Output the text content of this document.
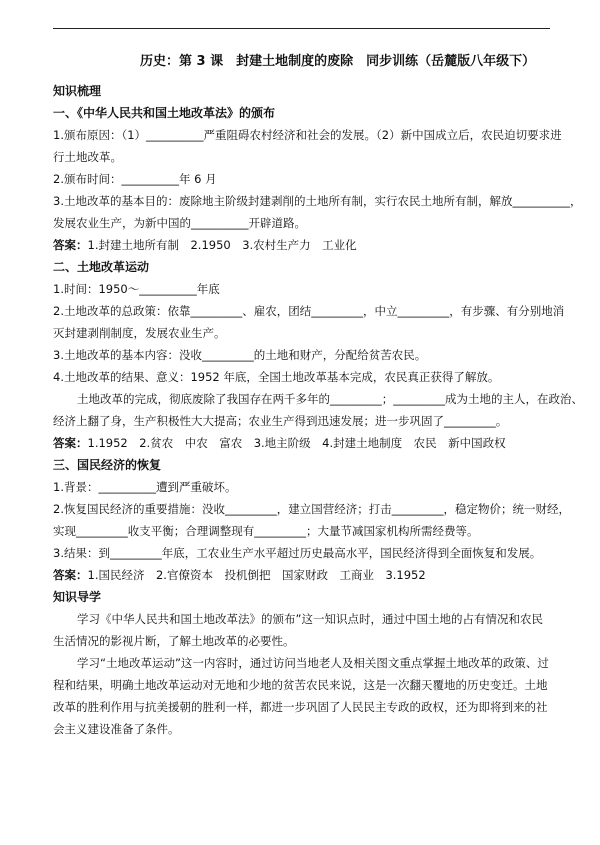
历史：第 3 课　封建土地制度的废除　同步训练（岳麓版八年级下）

知识梳理

一、《中华人民共和国土地改革法》的颁布

1.颁布原因：（1）__________严重阻碍农村经济和社会的发展。（2）新中国成立后，农民迫切要求进

行土地改革。

2.颁布时间：__________年 6 月

3.土地改革的基本目的：废除地主阶级封建剥削的土地所有制，实行农民土地所有制，解放__________，

发展农业生产，为新中国的__________开辟道路。

答案：1.封建土地所有制　2.1950　3.农村生产力　工业化

二、土地改革运动

1.时间：1950～__________年底

2.土地改革的总政策：依靠_________、雇农，团结_________，中立_________，有步骤、有分别地消

灭封建剥削制度，发展农业生产。

3.土地改革的基本内容：没收_________的土地和财产，分配给贫苦农民。

4.土地改革的结果、意义：1952 年底，全国土地改革基本完成，农民真正获得了解放。

土地改革的完成，彻底废除了我国存在两千多年的_________；_________成为土地的主人，在政治、

经济上翻了身，生产积极性大大提高；农业生产得到迅速发展；进一步巩固了_________。

答案：1.1952　2.贫农　中农　富农　3.地主阶级　4.封建土地制度　农民　新中国政权

三、国民经济的恢复

1.背景：__________遭到严重破坏。

2.恢复国民经济的重要措施：没收_________，建立国营经济；打击_________，稳定物价；统一财经，

实现_________收支平衡；合理调整现有_________；大量节减国家机构所需经费等。

3.结果：到_________年底，工农业生产水平超过历史最高水平，国民经济得到全面恢复和发展。

答案：1.国民经济　2.官僚资本　投机倒把　国家财政　工商业　3.1952

知识导学

学习《中华人民共和国土地改革法》的颁布”这一知识点时，通过中国土地的占有情况和农民生活情况的影视片断，了解土地改革的必要性。

学习“土地改革运动”这一内容时，通过访问当地老人及相关图文重点掌握土地改革的政策、过程和结果，明确土地改革运动对无地和少地的贫苦农民来说，这是一次翻天覆地的历史变迁。土地改革的胜利作用与抗美援朝的胜利一样，都进一步巩固了人民民主专政的政权，还为即将到来的社会主义建设准备了条件。
